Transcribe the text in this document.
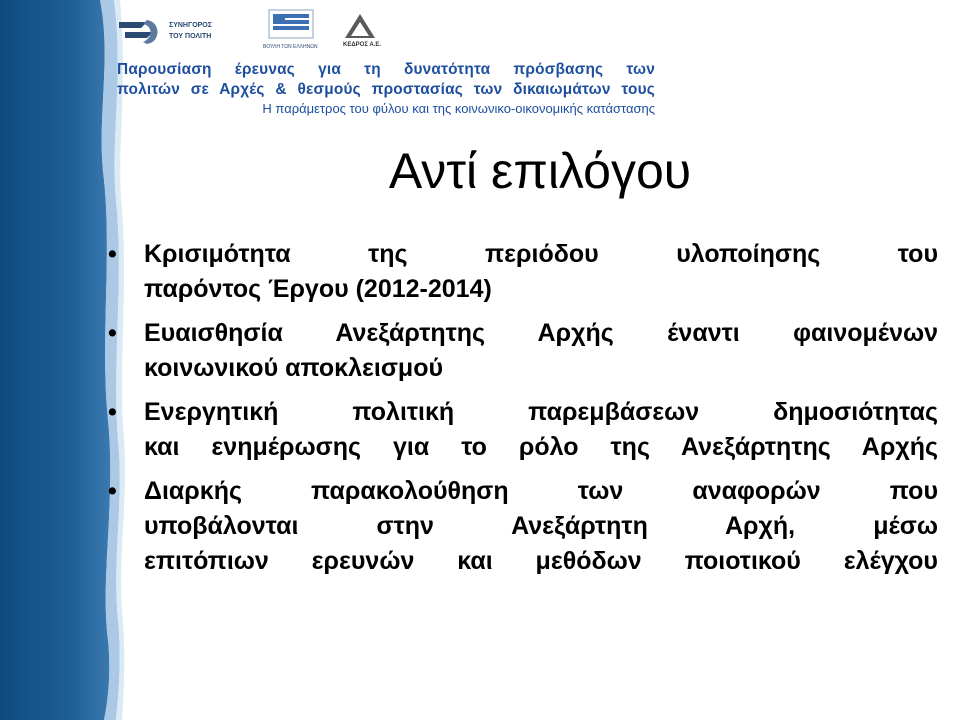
ΣΥΝΗΓΟΡΟΣ
ΤΟΥ ΠΟΛΙΤΗ
ΒΟΥΛΗ ΤΩΝ ΕΛΛΗΝΩΝ	ΚΕΔΡΟΣ Α.Ε.
Παρουσίαση έρευνας για τη δυνατότητα πρόσβασης των
πολιτών σε Αρχές & θεσμούς προστασίας των δικαιωμάτων τους
Η παράμετρος του φύλου και της κοινωνικο-οικονομικής κατάστασης
Αντί επιλόγου
• Κρισιμότητα της περιόδου υλοποίησης του
παρόντος Έργου (2012-2014)
• Ευαισθησία Ανεξάρτητης Αρχής έναντι φαινομένων
κοινωνικού αποκλεισμού
• Ενεργητική πολιτική παρεμβάσεων δημοσιότητας
και ενημέρωσης για το ρόλο της Ανεξάρτητης Αρχής
• Διαρκής παρακολούθηση των αναφορών που
υποβάλονται στην Ανεξάρτητη Αρχή, μέσω
επιτόπιων ερευνών και μεθόδων ποιοτικού ελέγχου
